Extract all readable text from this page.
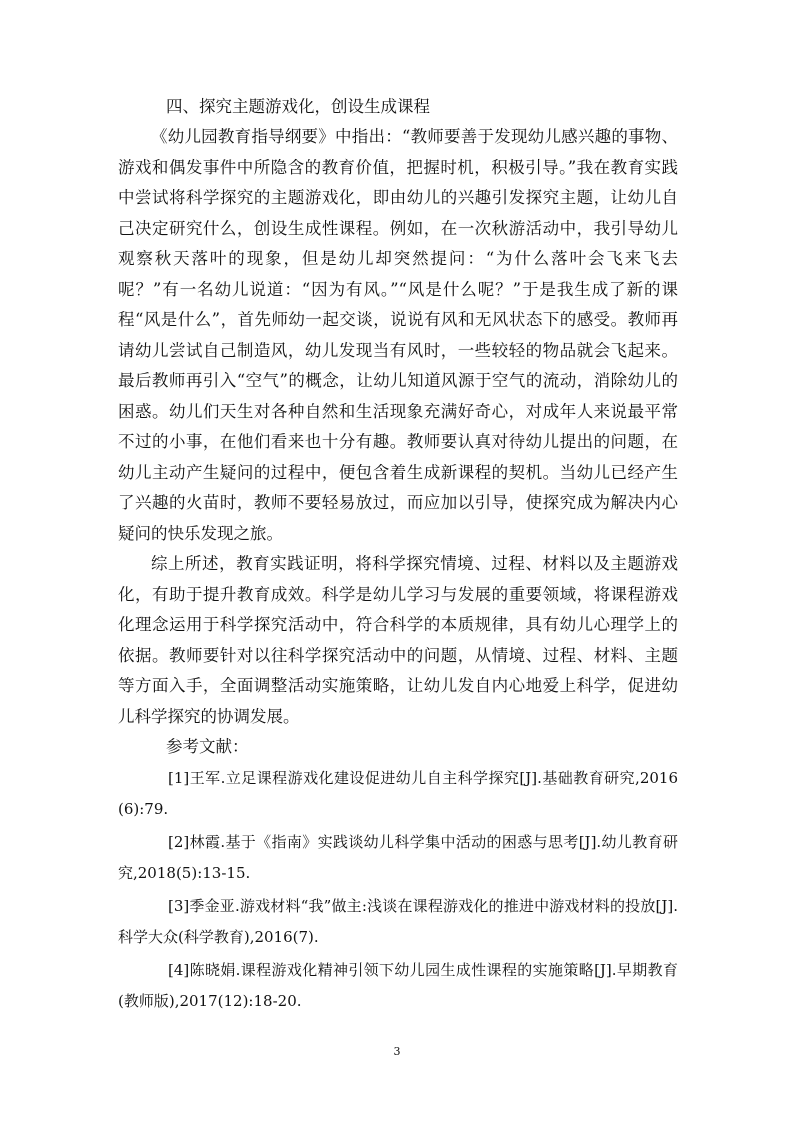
四、探究主题游戏化，创设生成课程

《幼儿园教育指导纲要》中指出：“教师要善于发现幼儿感兴趣的事物、游戏和偶发事件中所隐含的教育价值，把握时机，积极引导。”我在教育实践中尝试将科学探究的主题游戏化，即由幼儿的兴趣引发探究主题，让幼儿自己决定研究什么，创设生成性课程。例如，在一次秋游活动中，我引导幼儿观察秋天落叶的现象，但是幼儿却突然提问：“为什么落叶会飞来飞去呢？”有一名幼儿说道：“因为有风。”“风是什么呢？”于是我生成了新的课程“风是什么”，首先师幼一起交谈，说说有风和无风状态下的感受。教师再请幼儿尝试自己制造风，幼儿发现当有风时，一些较轻的物品就会飞起来。最后教师再引入“空气”的概念，让幼儿知道风源于空气的流动，消除幼儿的困惑。幼儿们天生对各种自然和生活现象充满好奇心，对成年人来说最平常不过的小事，在他们看来也十分有趣。教师要认真对待幼儿提出的问题，在幼儿主动产生疑问的过程中，便包含着生成新课程的契机。当幼儿已经产生了兴趣的火苗时，教师不要轻易放过，而应加以引导，使探究成为解决内心疑问的快乐发现之旅。

综上所述，教育实践证明，将科学探究情境、过程、材料以及主题游戏化，有助于提升教育成效。科学是幼儿学习与发展的重要领域，将课程游戏化理念运用于科学探究活动中，符合科学的本质规律，具有幼儿心理学上的依据。教师要针对以往科学探究活动中的问题，从情境、过程、材料、主题等方面入手，全面调整活动实施策略，让幼儿发自内心地爱上科学，促进幼儿科学探究的协调发展。

参考文献：

[1]王军.立足课程游戏化建设促进幼儿自主科学探究[J].基础教育研究,2016(6):79.

[2]林霞.基于《指南》实践谈幼儿科学集中活动的困惑与思考[J].幼儿教育研究,2018(5):13-15.

[3]季金亚.游戏材料“我”做主:浅谈在课程游戏化的推进中游戏材料的投放[J].科学大众(科学教育),2016(7).

[4]陈晓娟.课程游戏化精神引领下幼儿园生成性课程的实施策略[J].早期教育(教师版),2017(12):18-20.

3
